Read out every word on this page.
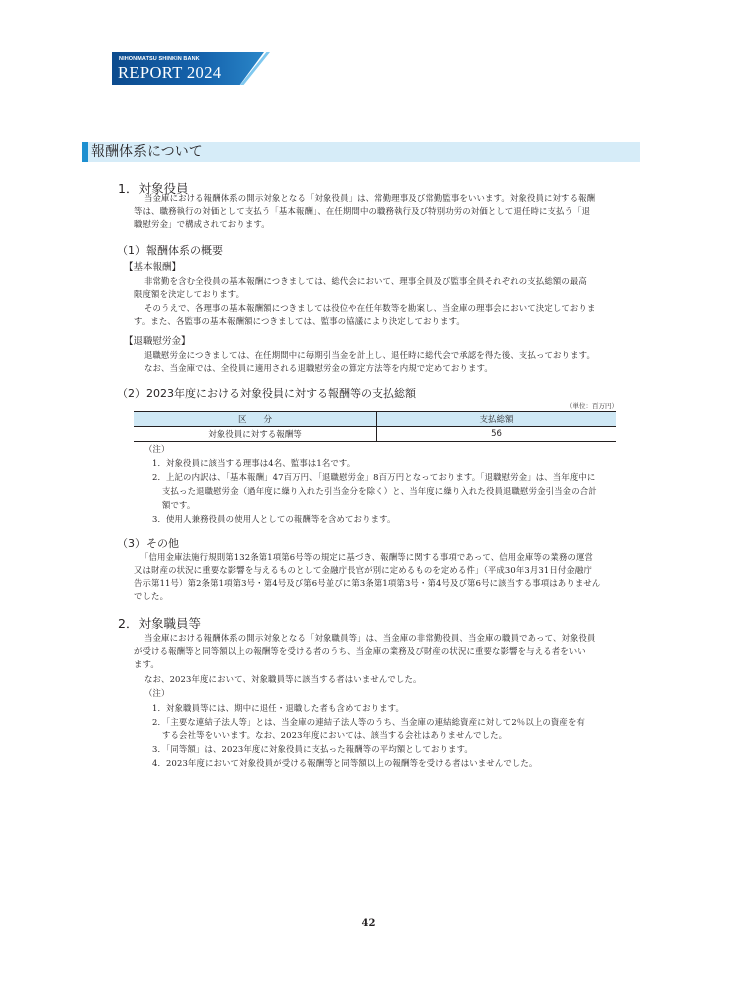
NIHONMATSU SHINKIN BANK
REPORT 2024
報酬体系について
1．対象役員
当金庫における報酬体系の開示対象となる「対象役員」は、常勤理事及び常勤監事をいいます。対象役員に対する報酬
等は、職務執行の対価として支払う「基本報酬」、在任期間中の職務執行及び特別功労の対価として退任時に支払う「退
職慰労金」で構成されております。
（1）報酬体系の概要
【基本報酬】
非常勤を含む全役員の基本報酬につきましては、総代会において、理事全員及び監事全員それぞれの支払総額の最高
限度額を決定しております。
そのうえで、各理事の基本報酬額につきましては役位や在任年数等を勘案し、当金庫の理事会において決定しておりま
す。また、各監事の基本報酬額につきましては、監事の協議により決定しております。
【退職慰労金】
退職慰労金につきましては、在任期間中に毎期引当金を計上し、退任時に総代会で承認を得た後、支払っております。
なお、当金庫では、全役員に適用される退職慰労金の算定方法等を内規で定めております。
（2）2023年度における対象役員に対する報酬等の支払総額
（単位：百万円）
区　　分	支払総額
対象役員に対する報酬等	56
（注）
1．対象役員に該当する理事は4名、監事は1名です。
2．上記の内訳は、「基本報酬」47百万円、「退職慰労金」8百万円となっております。「退職慰労金」は、当年度中に
支払った退職慰労金（過年度に繰り入れた引当金分を除く）と、当年度に繰り入れた役員退職慰労金引当金の合計
額です。
3．使用人兼務役員の使用人としての報酬等を含めております。
（3）その他
「信用金庫法施行規則第132条第1項第6号等の規定に基づき、報酬等に関する事項であって、信用金庫等の業務の運営
又は財産の状況に重要な影響を与えるものとして金融庁長官が別に定めるものを定める件」（平成30年3月31日付金融庁
告示第11号）第2条第1項第3号・第4号及び第6号並びに第3条第1項第3号・第4号及び第6号に該当する事項はありません
でした。
2．対象職員等
当金庫における報酬体系の開示対象となる「対象職員等」は、当金庫の非常勤役員、当金庫の職員であって、対象役員
が受ける報酬等と同等額以上の報酬等を受ける者のうち、当金庫の業務及び財産の状況に重要な影響を与える者をいい
ます。
なお、2023年度において、対象職員等に該当する者はいませんでした。
（注）
1．対象職員等には、期中に退任・退職した者も含めております。
2．「主要な連結子法人等」とは、当金庫の連結子法人等のうち、当金庫の連結総資産に対して2％以上の資産を有
する会社等をいいます。なお、2023年度においては、該当する会社はありませんでした。
3．「同等額」は、2023年度に対象役員に支払った報酬等の平均額としております。
4．2023年度において対象役員が受ける報酬等と同等額以上の報酬等を受ける者はいませんでした。
42
